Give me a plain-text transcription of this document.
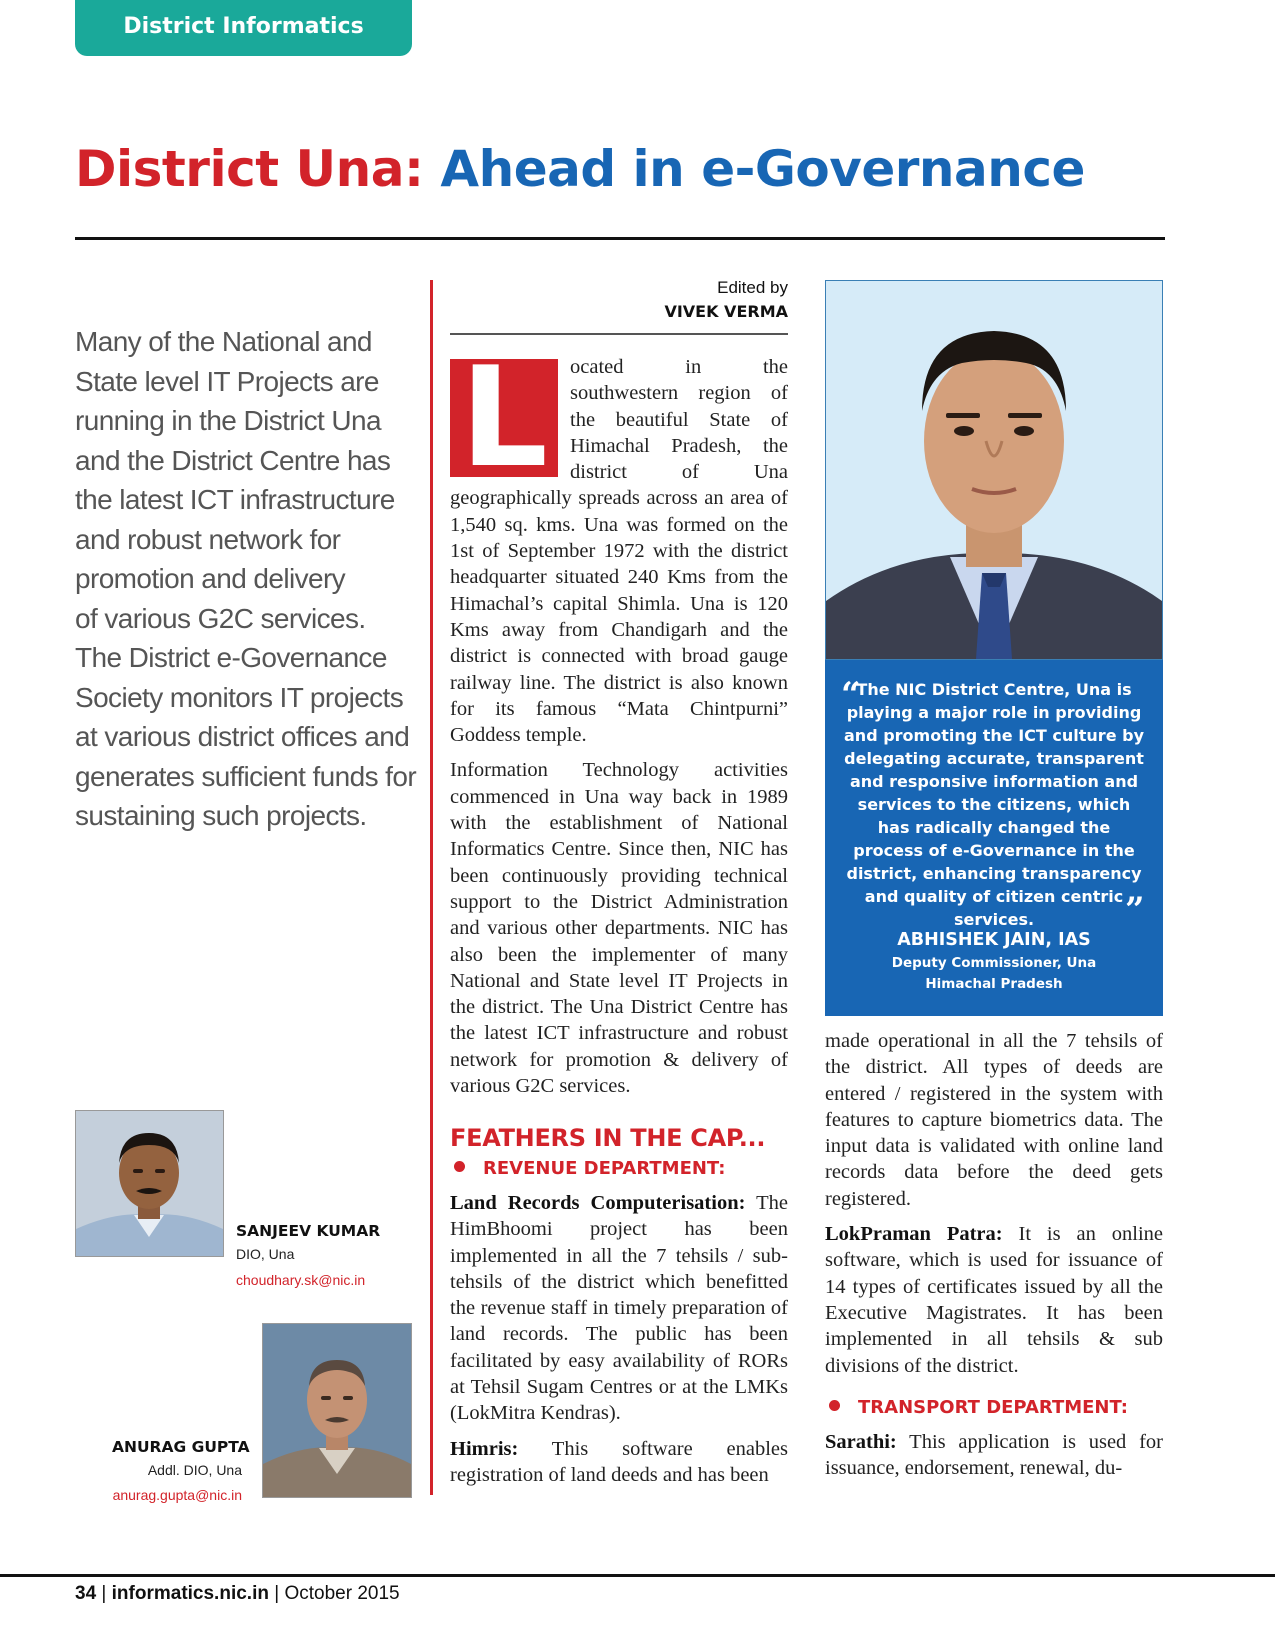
District Informatics
District Una: Ahead in e-Governance
Many of the National and
State level IT Projects are
running in the District Una
and the District Centre has
the latest ICT infrastructure
and robust network for
promotion and delivery
of various G2C services.
The District e-Governance
Society monitors IT projects
at various district offices and
generates sufficient funds for
sustaining such projects.
SANJEEV KUMAR
DIO, Una
choudhary.sk@nic.in
ANURAG GUPTA
Addl. DIO, Una
anurag.gupta@nic.in
Edited by
VIVEK VERMA
L	ocated in the southwestern region of the beautiful State of Himachal Pradesh, the district of Una geographically spreads across an area of 1,540 sq. kms. Una was formed on the 1st of September 1972 with the district headquarter situated 240 Kms from the Himachal’s capital Shimla. Una is 120 Kms away from Chandigarh and the district is connected with broad gauge railway line. The district is also known for its famous “Mata Chintpurni” Goddess temple.

Information Technology activities commenced in Una way back in 1989 with the establishment of National Informatics Centre. Since then, NIC has been continuously providing technical support to the District Administration and various other departments. NIC has also been the implementer of many National and State level IT Projects in the district. The Una District Centre has the latest ICT infrastructure and robust network for promotion & delivery of various G2C services.

FEATHERS IN THE CAP...
REVENUE DEPARTMENT:

Land Records Computerisation: The HimBhoomi project has been implemented in all the 7 tehsils / sub-tehsils of the district which benefitted the revenue staff in timely preparation of land records. The public has been facilitated by easy availability of RORs at Tehsil Sugam Centres or at the LMKs (LokMitra Kendras).

Himris: This software enables registration of land deeds and has been

“
The NIC District Centre, Una is playing a major role in providing and promoting the ICT culture by delegating accurate, transparent and responsive information and services to the citizens, which has radically changed the process of e-Governance in the district, enhancing transparency and quality of citizen centric services.	”
ABHISHEK JAIN, IAS
Deputy Commissioner, Una
Himachal Pradesh

made operational in all the 7 tehsils of the district. All types of deeds are entered / registered in the system with features to capture biometrics data. The input data is validated with online land records data before the deed gets registered.

LokPraman Patra: It is an online software, which is used for issuance of 14 types of certificates issued by all the Executive Magistrates. It has been implemented in all tehsils & sub divisions of the district.

TRANSPORT DEPARTMENT:

Sarathi: This application is used for issuance, endorsement, renewal, du-

34 | informatics.nic.in | October 2015
